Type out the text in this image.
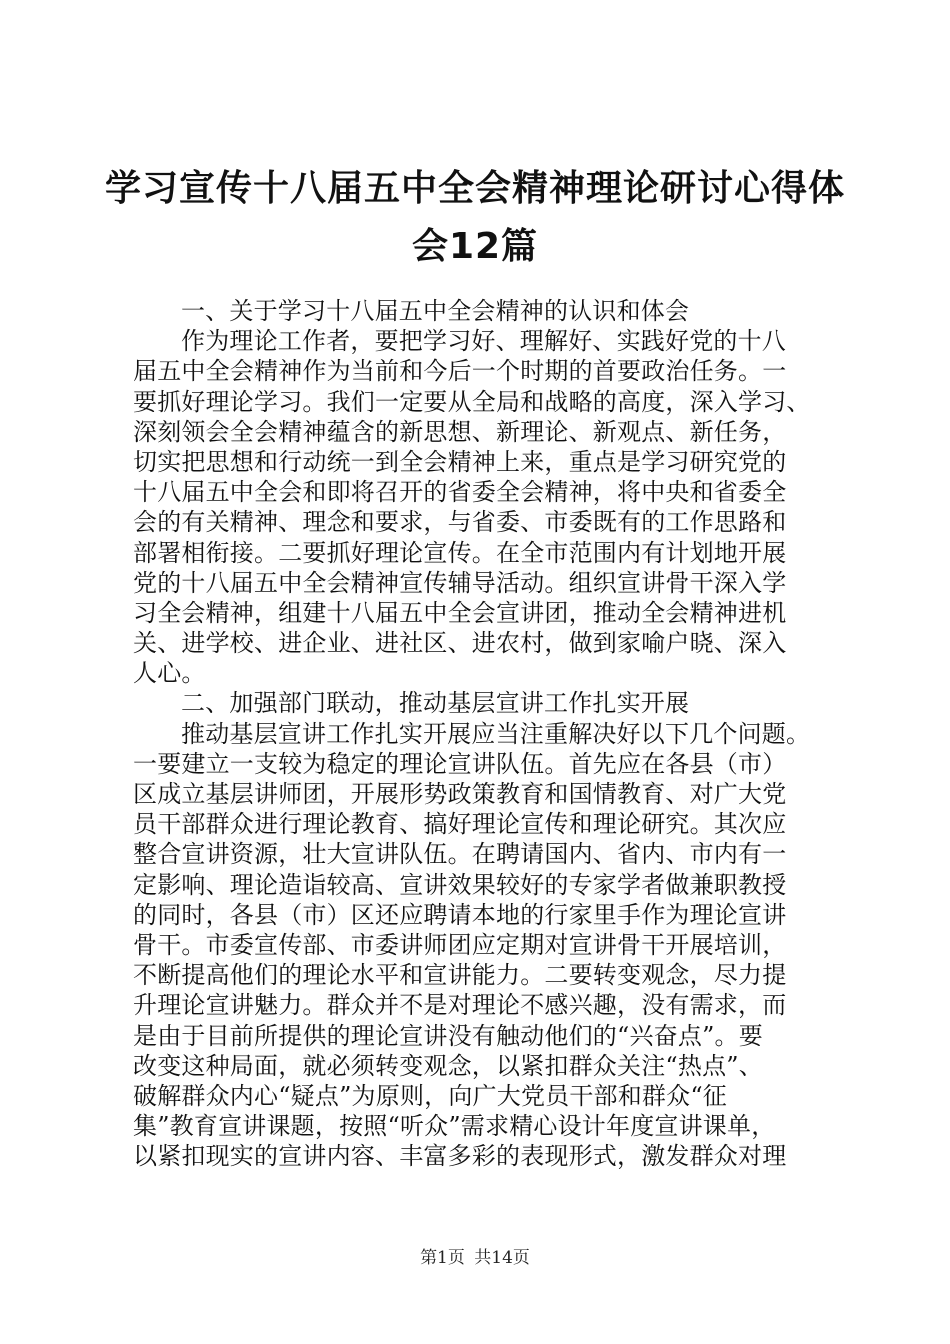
学习宣传十八届五中全会精神理论研讨心得体
会12篇
一、关于学习十八届五中全会精神的认识和体会
作为理论工作者，要把学习好、理解好、实践好党的十八
届五中全会精神作为当前和今后一个时期的首要政治任务。一
要抓好理论学习。我们一定要从全局和战略的高度，深入学习、
深刻领会全会精神蕴含的新思想、新理论、新观点、新任务，
切实把思想和行动统一到全会精神上来，重点是学习研究党的
十八届五中全会和即将召开的省委全会精神，将中央和省委全
会的有关精神、理念和要求，与省委、市委既有的工作思路和
部署相衔接。二要抓好理论宣传。在全市范围内有计划地开展
党的十八届五中全会精神宣传辅导活动。组织宣讲骨干深入学
习全会精神，组建十八届五中全会宣讲团，推动全会精神进机
关、进学校、进企业、进社区、进农村，做到家喻户晓、深入
人心。
二、加强部门联动，推动基层宣讲工作扎实开展
推动基层宣讲工作扎实开展应当注重解决好以下几个问题。
一要建立一支较为稳定的理论宣讲队伍。首先应在各县（市）
区成立基层讲师团，开展形势政策教育和国情教育、对广大党
员干部群众进行理论教育、搞好理论宣传和理论研究。其次应
整合宣讲资源，壮大宣讲队伍。在聘请国内、省内、市内有一
定影响、理论造诣较高、宣讲效果较好的专家学者做兼职教授
的同时，各县（市）区还应聘请本地的行家里手作为理论宣讲
骨干。市委宣传部、市委讲师团应定期对宣讲骨干开展培训，
不断提高他们的理论水平和宣讲能力。二要转变观念，尽力提
升理论宣讲魅力。群众并不是对理论不感兴趣，没有需求，而
是由于目前所提供的理论宣讲没有触动他们的“兴奋点”。要
改变这种局面，就必须转变观念，以紧扣群众关注“热点”、
破解群众内心“疑点”为原则，向广大党员干部和群众“征
集”教育宣讲课题，按照“听众”需求精心设计年度宣讲课单，
以紧扣现实的宣讲内容、丰富多彩的表现形式，激发群众对理
第1页 共14页
